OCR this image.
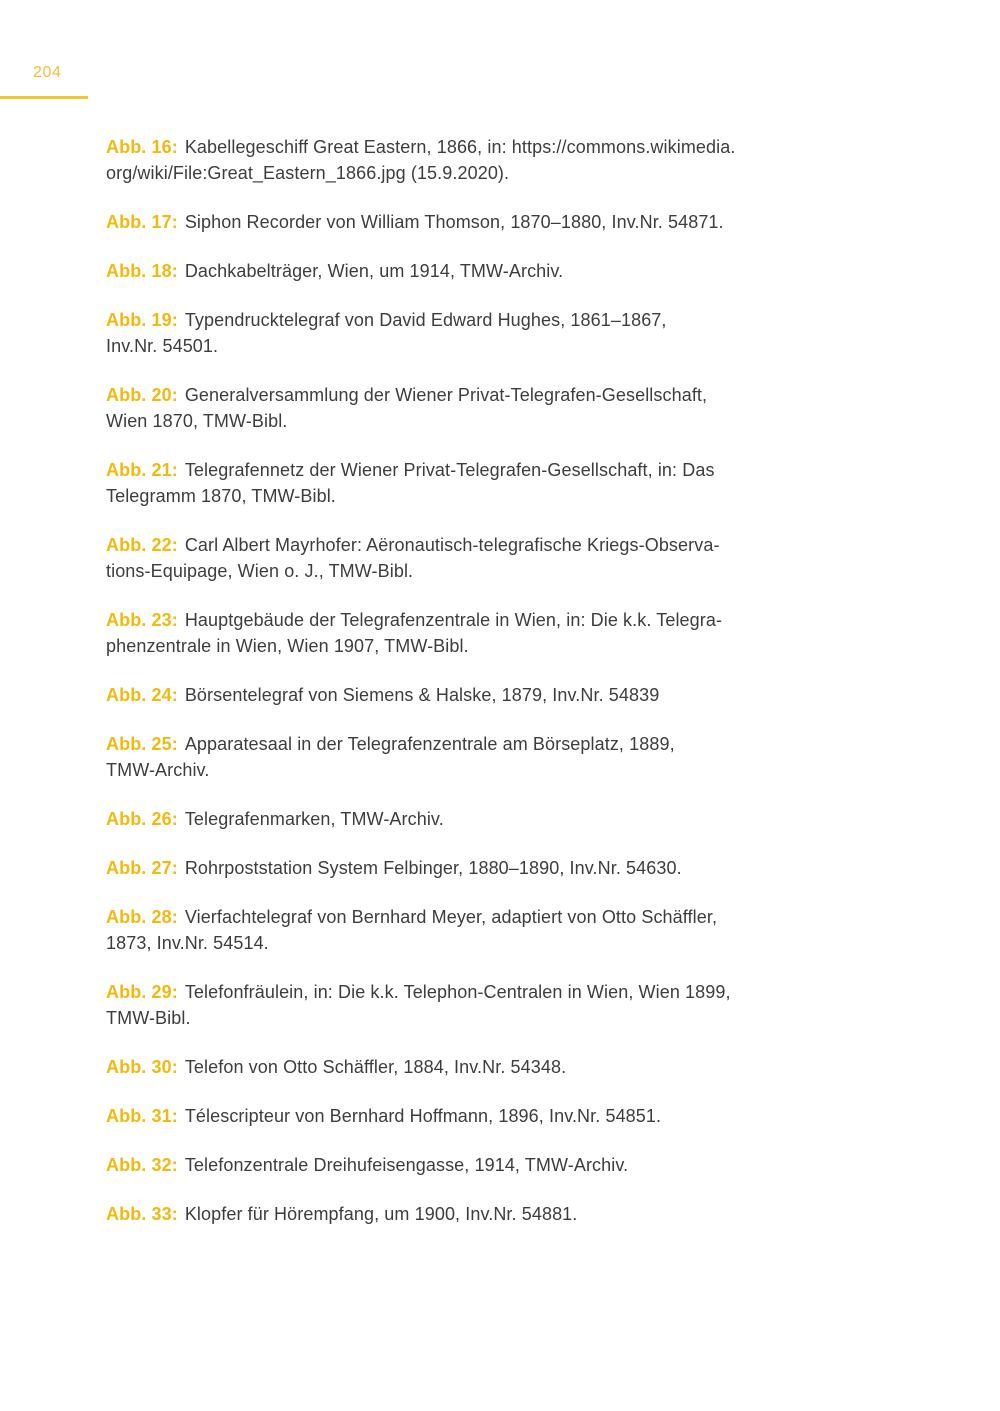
204

Abb. 16: Kabellegeschiff Great Eastern, 1866, in: https://commons.wikimedia.
org/wiki/File:Great_Eastern_1866.jpg (15.9.2020).

Abb. 17: Siphon Recorder von William Thomson, 1870–1880, Inv.Nr. 54871.

Abb. 18: Dachkabelträger, Wien, um 1914, TMW-Archiv.

Abb. 19: Typendrucktelegraf von David Edward Hughes, 1861–1867,
Inv.Nr. 54501.

Abb. 20: Generalversammlung der Wiener Privat-Telegrafen-Gesellschaft,
Wien 1870, TMW-Bibl.

Abb. 21: Telegrafennetz der Wiener Privat-Telegrafen-Gesellschaft, in: Das
Telegramm 1870, TMW-Bibl.

Abb. 22: Carl Albert Mayrhofer: Aëronautisch-telegrafische Kriegs-Observa-
tions-Equipage, Wien o. J., TMW-Bibl.

Abb. 23: Hauptgebäude der Telegrafenzentrale in Wien, in: Die k.k. Telegra-
phenzentrale in Wien, Wien 1907, TMW-Bibl.

Abb. 24: Börsentelegraf von Siemens & Halske, 1879, Inv.Nr. 54839

Abb. 25: Apparatesaal in der Telegrafenzentrale am Börseplatz, 1889,
TMW-Archiv.

Abb. 26: Telegrafenmarken, TMW-Archiv.

Abb. 27: Rohrpoststation System Felbinger, 1880–1890, Inv.Nr. 54630.

Abb. 28: Vierfachtelegraf von Bernhard Meyer, adaptiert von Otto Schäffler,
1873, Inv.Nr. 54514.

Abb. 29: Telefonfräulein, in: Die k.k. Telephon-Centralen in Wien, Wien 1899,
TMW-Bibl.

Abb. 30: Telefon von Otto Schäffler, 1884, Inv.Nr. 54348.

Abb. 31: Télescripteur von Bernhard Hoffmann, 1896, Inv.Nr. 54851.

Abb. 32: Telefonzentrale Dreihufeisengasse, 1914, TMW-Archiv.

Abb. 33: Klopfer für Hörempfang, um 1900, Inv.Nr. 54881.
